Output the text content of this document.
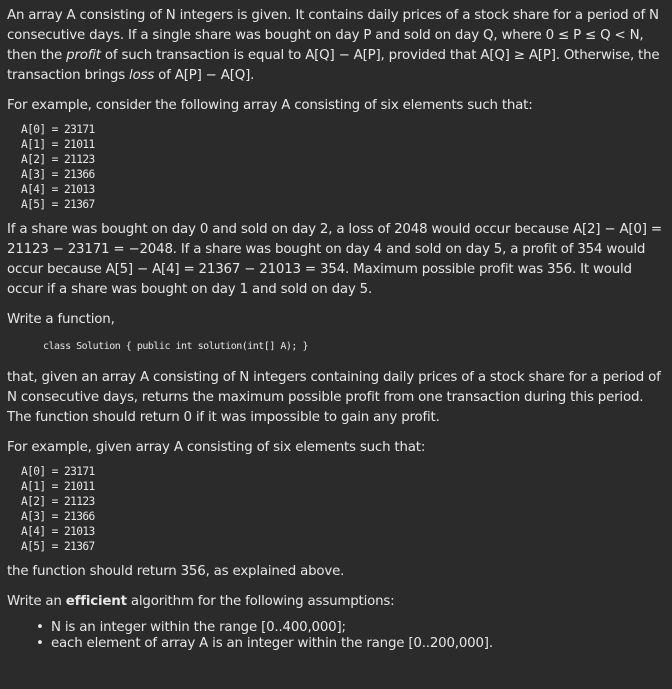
An array A consisting of N integers is given. It contains daily prices of a stock share for a period of N consecutive days. If a single share was bought on day P and sold on day Q, where 0 ≤ P ≤ Q < N, then the profit of such transaction is equal to A[Q] − A[P], provided that A[Q] ≥ A[P]. Otherwise, the transaction brings loss of A[P] − A[Q].

For example, consider the following array A consisting of six elements such that:

A[0] = 23171
A[1] = 21011
A[2] = 21123
A[3] = 21366
A[4] = 21013
A[5] = 21367

If a share was bought on day 0 and sold on day 2, a loss of 2048 would occur because A[2] − A[0] = 21123 − 23171 = −2048. If a share was bought on day 4 and sold on day 5, a profit of 354 would occur because A[5] − A[4] = 21367 − 21013 = 354. Maximum possible profit was 356. It would occur if a share was bought on day 1 and sold on day 5.

Write a function,

class Solution { public int solution(int[] A); }

that, given an array A consisting of N integers containing daily prices of a stock share for a period of N consecutive days, returns the maximum possible profit from one transaction during this period. The function should return 0 if it was impossible to gain any profit.

For example, given array A consisting of six elements such that:

A[0] = 23171
A[1] = 21011
A[2] = 21123
A[3] = 21366
A[4] = 21013
A[5] = 21367

the function should return 356, as explained above.

Write an efficient algorithm for the following assumptions:

• N is an integer within the range [0..400,000];
• each element of array A is an integer within the range [0..200,000].
